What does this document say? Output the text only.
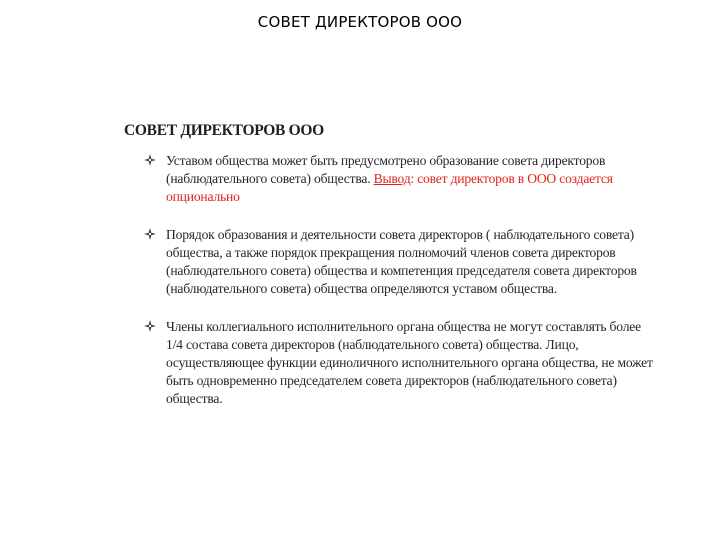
СОВЕТ ДИРЕКТОРОВ ООО
СОВЕТ ДИРЕКТОРОВ ООО
Уставом общества может быть предусмотрено образование совета директоров (наблюдательного совета) общества. Вывод: совет директоров в ООО создается опционально
Порядок образования и деятельности совета директоров ( наблюдательного совета) общества, а также порядок прекращения полномочий членов совета директоров (наблюдательного совета) общества и компетенция председателя совета директоров (наблюдательного совета) общества определяются уставом общества.
Члены коллегиального исполнительного органа общества не могут составлять более 1/4 состава совета директоров (наблюдательного совета) общества. Лицо, осуществляющее функции единоличного исполнительного органа общества, не может быть одновременно председателем совета директоров (наблюдательного совета) общества.
